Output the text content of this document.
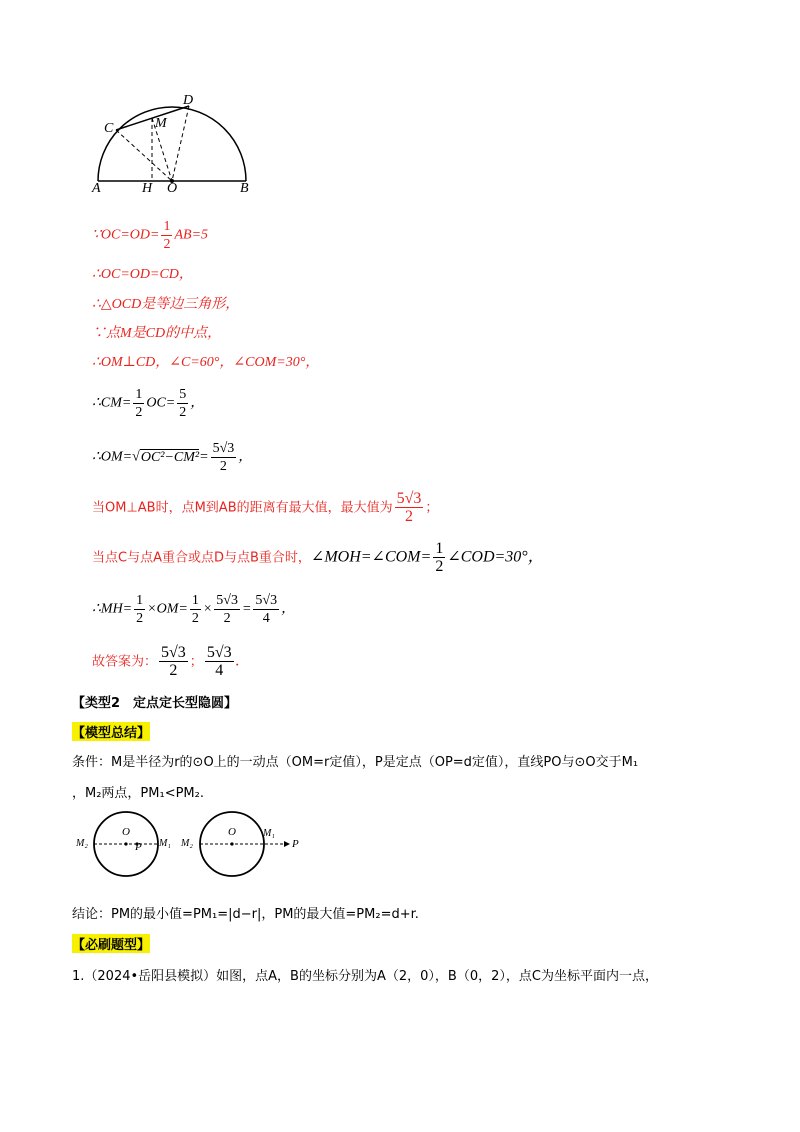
A	H O	B
C	M
D
∵OC=OD= $\frac{1}{2} AB=5$
∴OC=OD=CD，
∴△OCD是等边三角形，
∵点M是CD的中点，
∴OM⊥CD，∠C=60°，∠COM=30°，
∴CM= $\frac{1}{2} OC= \frac{5}{2}$ ，
∴OM=√OC²−CM²= $\frac{5√3}{2}$ ，
当OM⊥AB时，点M到AB的距离有最大值，最大值为 $\frac{5√3}{2}$ ；
当点C与点A重合或点D与点B重合时，∠MOH=∠COM= $\frac{1}{2}$ ∠COD=30°，
∴MH= $\frac{1}{2} \times OM= \frac{1}{2} \times \frac{5√3}{2} = \frac{5√3}{4}$ ，
故答案为： $\frac{5√3}{2}$ ； $\frac{5√3}{4}$ .
【类型2　定点定长型隐圆】
【模型总结】
条件：M是半径为r的⊙O上的一动点（OM=r定值），P是定点（OP=d定值），直线PO与⊙O交于M₁
，M₂两点，PM₁<PM₂.
O
P
M₂	M₁
O
M₂
M₁
P
结论：PM的最小值=PM₁=|d−r|，PM的最大值=PM₂=d+r.
【必刷题型】
1.（2024•岳阳县模拟）如图，点A，B的坐标分别为A（2，0），B（0，2），点C为坐标平面内一点，
